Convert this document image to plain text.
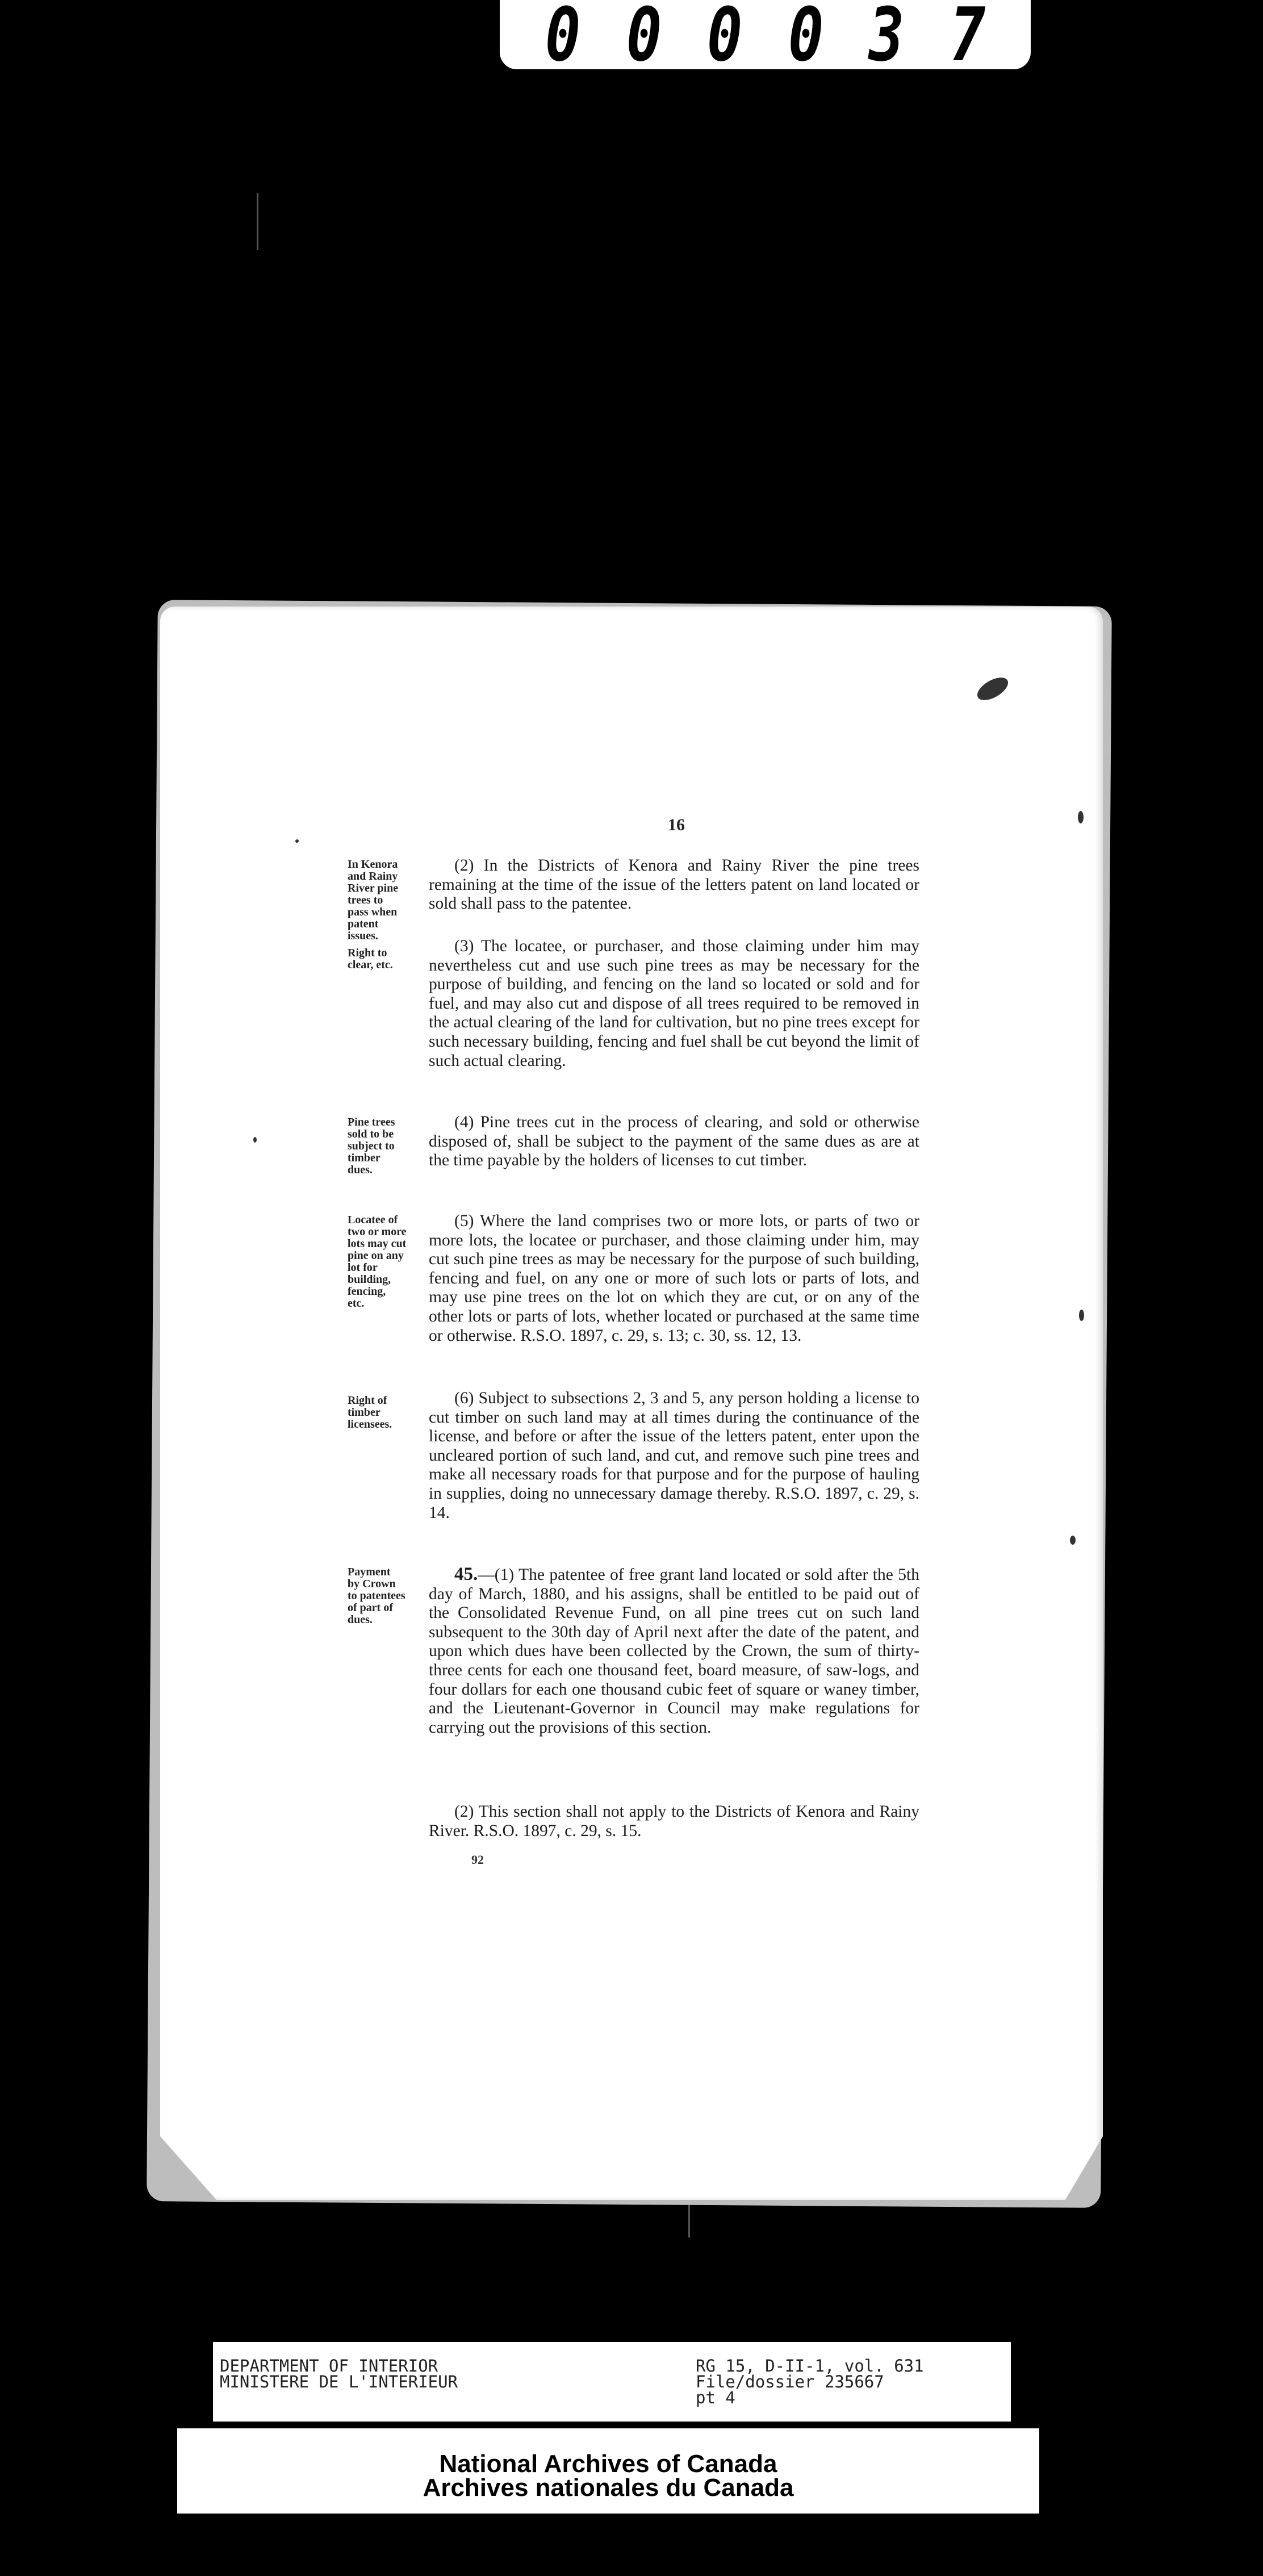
0 0 0 0 3 7
16
In Kenora
and Rainy
River pine
trees to
pass when
patent
issues.
(2) In the Districts of Kenora and Rainy River the pine trees remaining at the time of the issue of the letters patent on land located or sold shall pass to the patentee.
Right to
clear, etc.
(3) The locatee, or purchaser, and those claiming under him may nevertheless cut and use such pine trees as may be necessary for the purpose of building, and fencing on the land so located or sold and for fuel, and may also cut and dispose of all trees required to be removed in the actual clearing of the land for cultivation, but no pine trees except for such necessary building, fencing and fuel shall be cut beyond the limit of such actual clearing.
Pine trees
sold to be
subject to
timber
dues.
(4) Pine trees cut in the process of clearing, and sold or otherwise disposed of, shall be subject to the payment of the same dues as are at the time payable by the holders of licenses to cut timber.
Locatee of
two or more
lots may cut
pine on any
lot for
building,
fencing,
etc.
(5) Where the land comprises two or more lots, or parts of two or more lots, the locatee or purchaser, and those claiming under him, may cut such pine trees as may be necessary for the purpose of such building, fencing and fuel, on any one or more of such lots or parts of lots, and may use pine trees on the lot on which they are cut, or on any of the other lots or parts of lots, whether located or purchased at the same time or otherwise. R.S.O. 1897, c. 29, s. 13; c. 30, ss. 12, 13.
Right of
timber
licensees.
(6) Subject to subsections 2, 3 and 5, any person holding a license to cut timber on such land may at all times during the continuance of the license, and before or after the issue of the letters patent, enter upon the uncleared portion of such land, and cut, and remove such pine trees and make all necessary roads for that purpose and for the purpose of hauling in supplies, doing no unnecessary damage thereby. R.S.O. 1897, c. 29, s. 14.
Payment
by Crown
to patentees
of part of
dues.
45.—(1) The patentee of free grant land located or sold after the 5th day of March, 1880, and his assigns, shall be entitled to be paid out of the Consolidated Revenue Fund, on all pine trees cut on such land subsequent to the 30th day of April next after the date of the patent, and upon which dues have been collected by the Crown, the sum of thirty-three cents for each one thousand feet, board measure, of saw-logs, and four dollars for each one thousand cubic feet of square or waney timber, and the Lieutenant-Governor in Council may make regulations for carrying out the provisions of this section.
(2) This section shall not apply to the Districts of Kenora and Rainy River. R.S.O. 1897, c. 29, s. 15.
92
DEPARTMENT OF INTERIOR
MINISTERE DE L'INTERIEUR
RG 15, D-II-1, vol. 631
File/dossier 235667
pt 4
National Archives of Canada
Archives nationales du Canada
